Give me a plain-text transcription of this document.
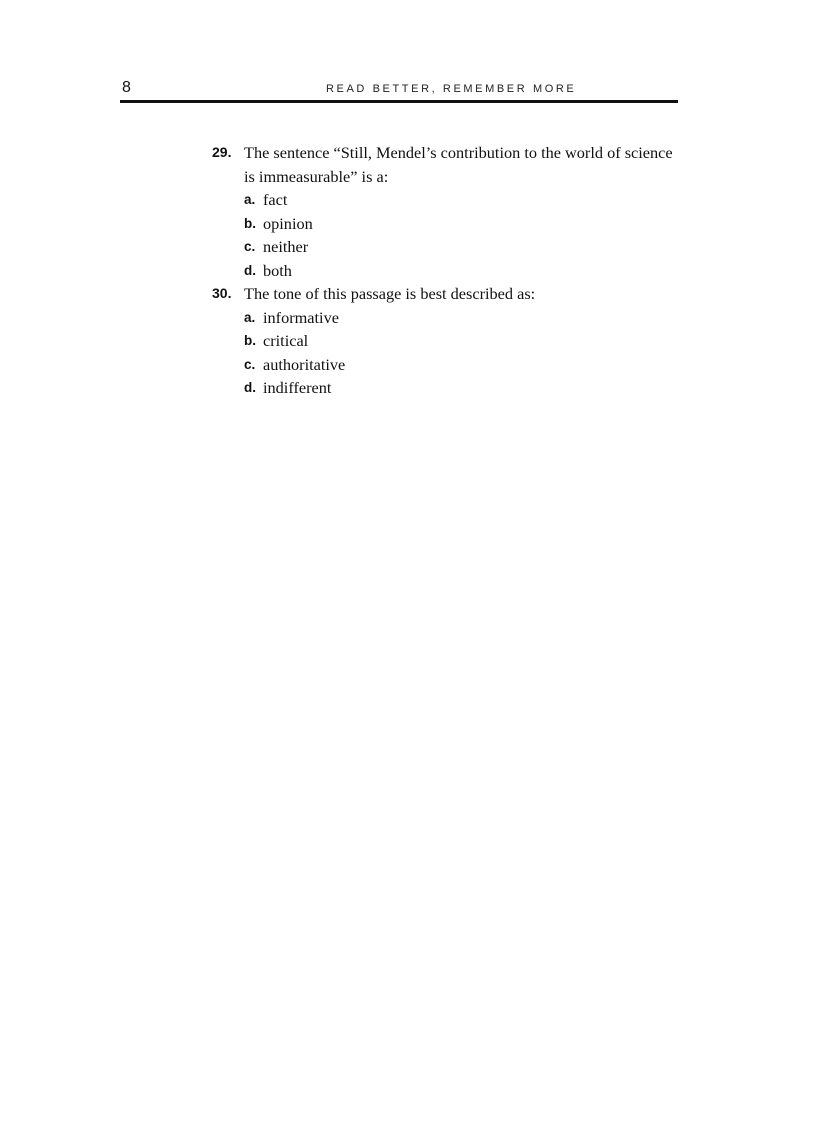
8	READ BETTER, REMEMBER MORE
29. The sentence “Still, Mendel’s contribution to the world of science is immeasurable” is a:
a. fact
b. opinion
c. neither
d. both
30. The tone of this passage is best described as:
a. informative
b. critical
c. authoritative
d. indifferent
